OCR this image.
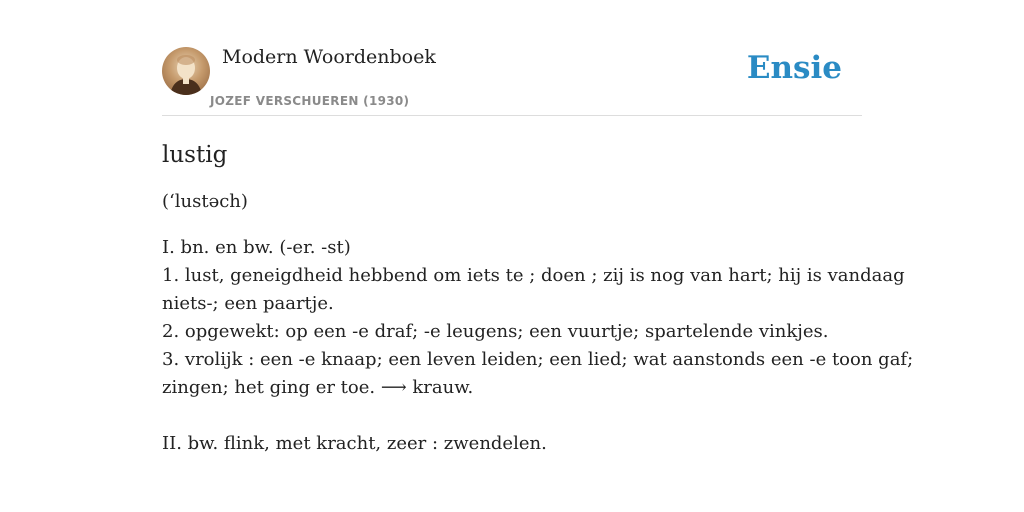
Modern Woordenboek
JOZEF VERSCHUEREN (1930)
Ensie
lustig
(ʻlustəch)
I. bn. en bw. (-er. -st)
1. lust, geneigdheid hebbend om iets te ; doen ; zij is nog van hart; hij is vandaag
niets-; een paartje.
2. opgewekt: op een -e draf; -e leugens; een vuurtje; spartelende vinkjes.
3. vrolijk : een -e knaap; een leven leiden; een lied; wat aanstonds een -e toon gaf;
zingen; het ging er toe. ⟶ krauw.
II. bw. flink, met kracht, zeer : zwendelen.
